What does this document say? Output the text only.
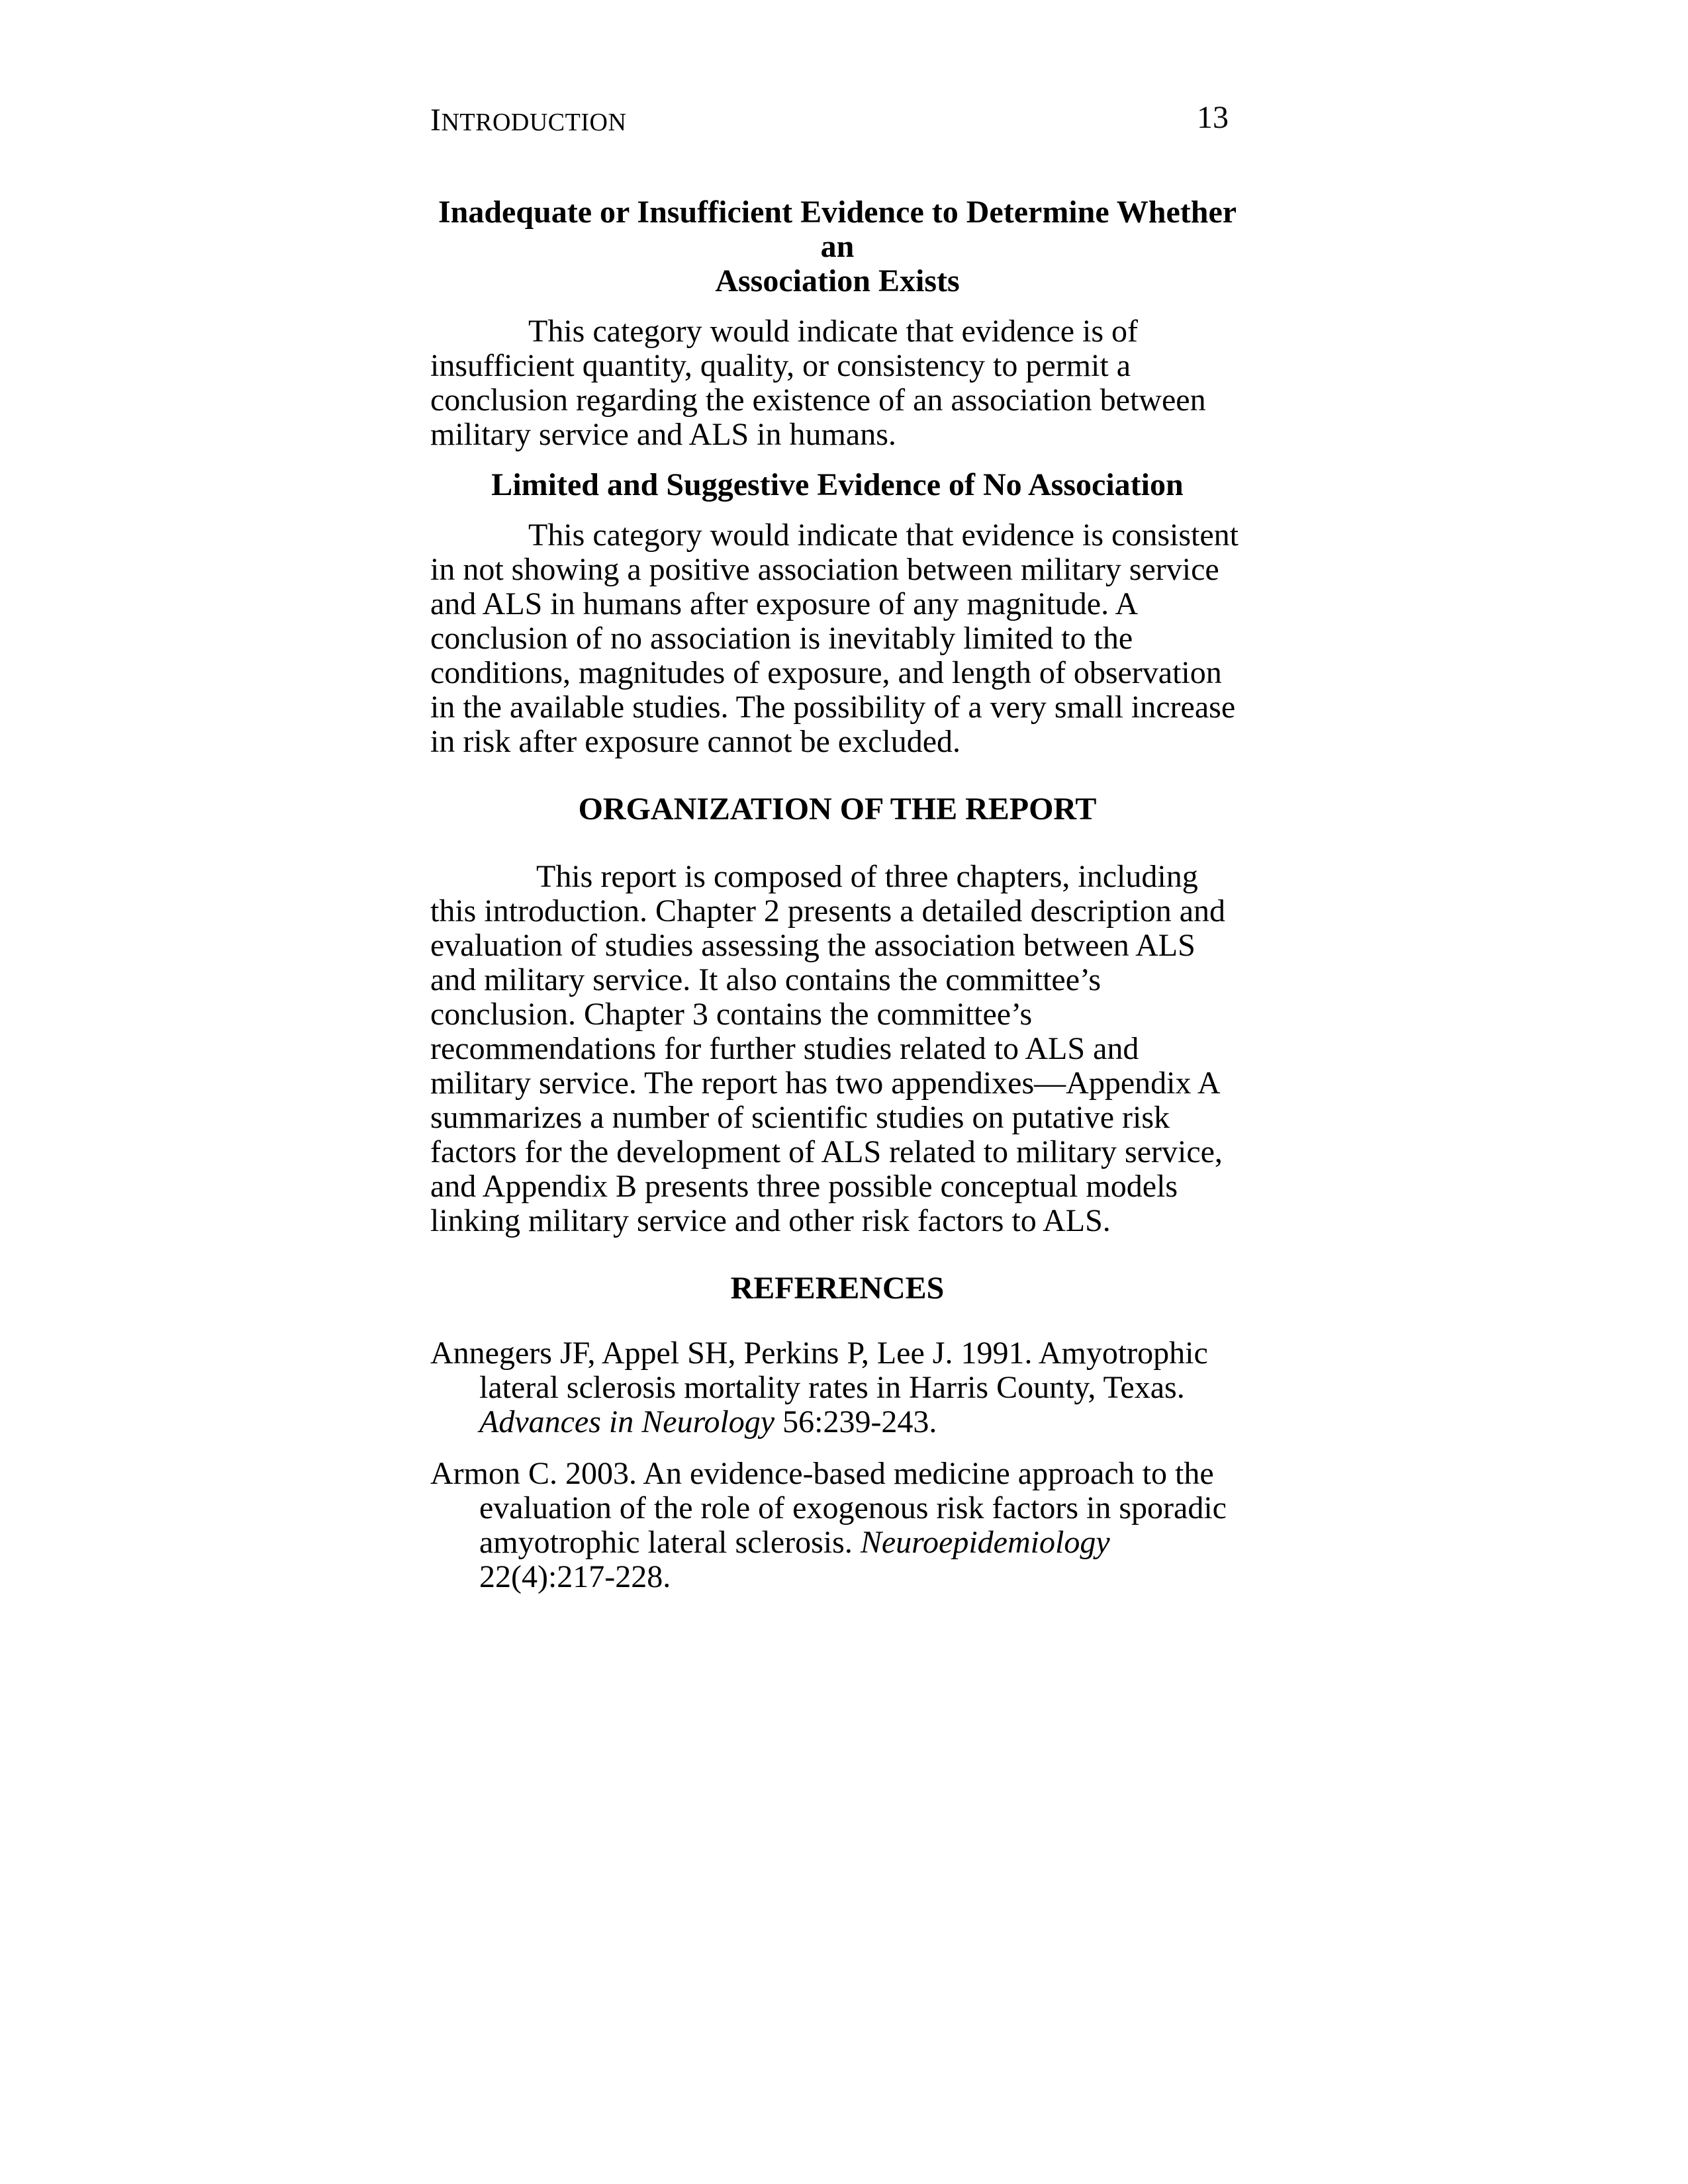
INTRODUCTION	13
Inadequate or Insufficient Evidence to Determine Whether an
Association Exists

This category would indicate that evidence is of insufficient quantity, quality, or consistency to permit a conclusion regarding the existence of an association between military service and ALS in humans.

Limited and Suggestive Evidence of No Association

This category would indicate that evidence is consistent in not showing a positive association between military service and ALS in humans after exposure of any magnitude. A conclusion of no association is inevitably limited to the conditions, magnitudes of exposure, and length of observation in the available studies. The possibility of a very small increase in risk after exposure cannot be excluded.

ORGANIZATION OF THE REPORT

This report is composed of three chapters, including this introduction. Chapter 2 presents a detailed description and evaluation of studies assessing the association between ALS and military service. It also contains the committee’s conclusion. Chapter 3 contains the committee’s recommendations for further studies related to ALS and military service. The report has two appendixes—Appendix A summarizes a number of scientific studies on putative risk factors for the development of ALS related to military service, and Appendix B presents three possible conceptual models linking military service and other risk factors to ALS.

REFERENCES

Annegers JF, Appel SH, Perkins P, Lee J. 1991. Amyotrophic lateral sclerosis mortality rates in Harris County, Texas. Advances in Neurology 56:239-243.

Armon C. 2003. An evidence-based medicine approach to the evaluation of the role of exogenous risk factors in sporadic amyotrophic lateral sclerosis. Neuroepidemiology 22(4):217-228.
